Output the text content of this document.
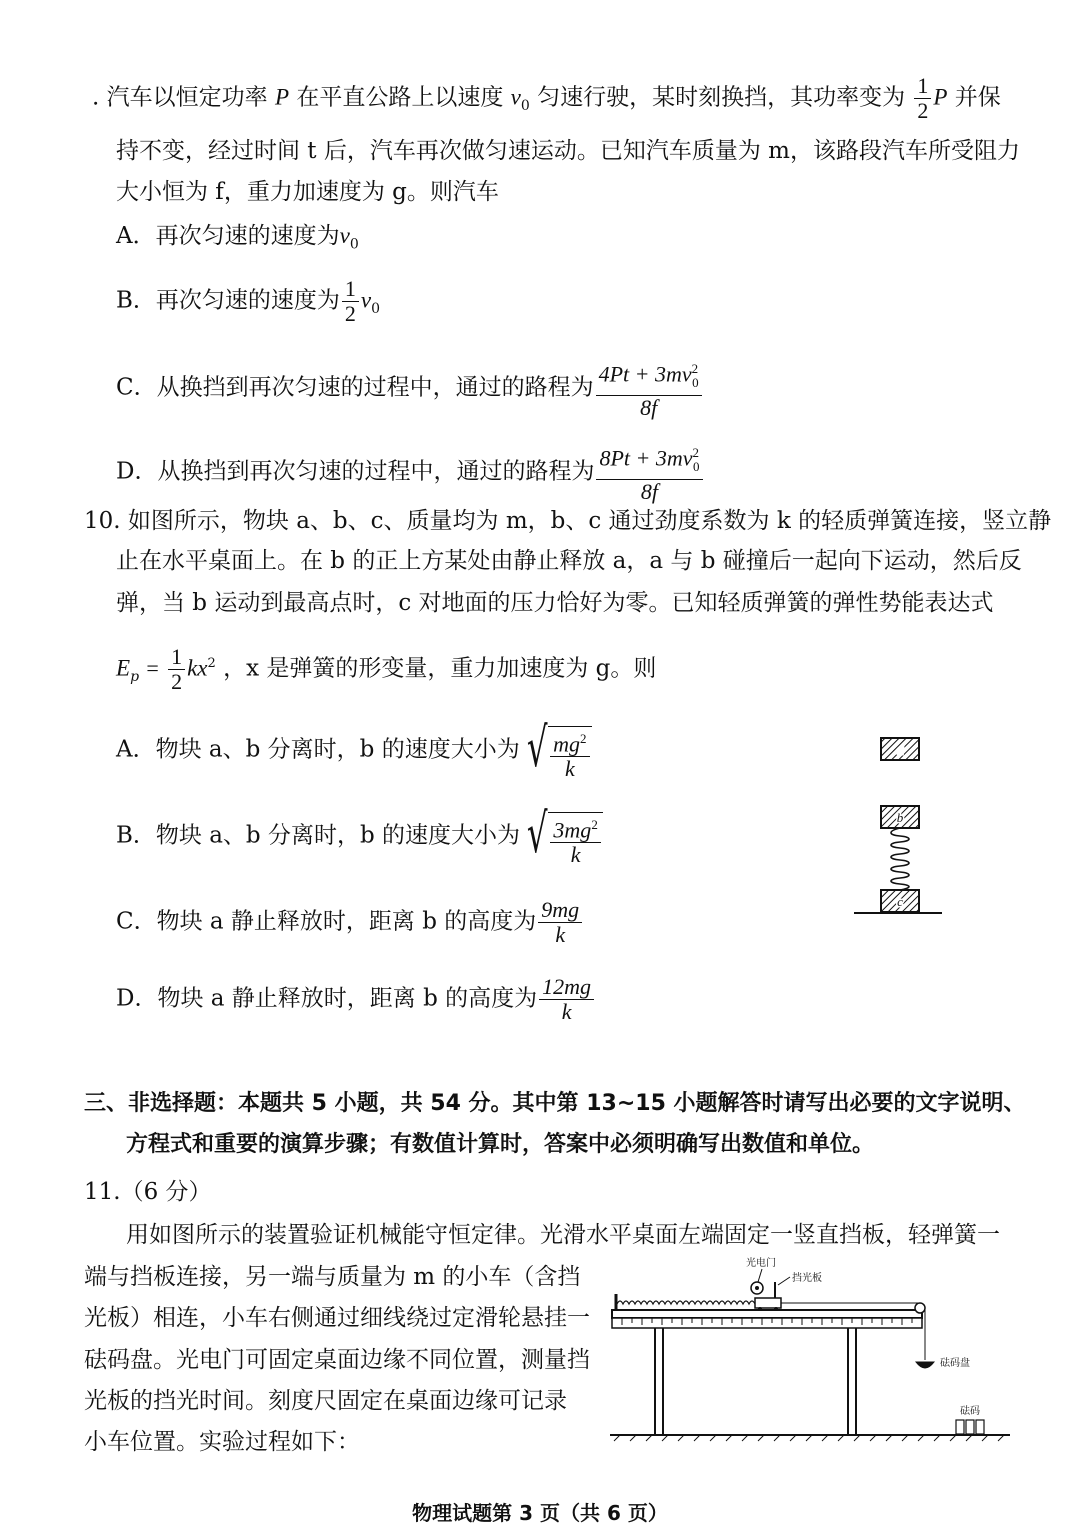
. 汽车以恒定功率 P 在平直公路上以速度 $v_0$ 匀速行驶，某时刻换挡，其功率变为 $\frac{1}{2}$ P 并保
持不变，经过时间 t 后，汽车再次做匀速运动。已知汽车质量为 m，该路段汽车所受阻力
大小恒为 f，重力加速度为 g。则汽车
A．再次匀速的速度为$v_0$
B．再次匀速的速度为 $\frac{1}{2} v_0$
C．从换挡到再次匀速的过程中，通过的路程为 $\frac{4Pt + 3mv^2_0}{8f}$
D．从换挡到再次匀速的过程中，通过的路程为 $\frac{8Pt + 3mv^2_0}{8f}$
10. 如图所示，物块 a、b、c、质量均为 m，b、c 通过劲度系数为 k 的轻质弹簧连接，竖立静
止在水平桌面上。在 b 的正上方某处由静止释放 a，a 与 b 碰撞后一起向下运动，然后反
弹，当 b 运动到最高点时，c 对地面的压力恰好为零。已知轻质弹簧的弹性势能表达式
$E_p = \frac{1}{2} kx^2$ ，x 是弹簧的形变量，重力加速度为 g。则
A．物块 a、b 分离时，b 的速度大小为 √ $\frac{mg^2}{k}$
B．物块 a、b 分离时，b 的速度大小为 √ $\frac{3mg^2}{k}$
C．物块 a 静止释放时，距离 b 的高度为 $\frac{9mg}{k}$
D．物块 a 静止释放时，距离 b 的高度为 $\frac{12mg}{k}$
a
b
c
三、非选择题：本题共 5 小题，共 54 分。其中第 13~15 小题解答时请写出必要的文字说明、
方程式和重要的演算步骤；有数值计算时，答案中必须明确写出数值和单位。
11.（6 分）
用如图所示的装置验证机械能守恒定律。光滑水平桌面左端固定一竖直挡板，轻弹簧一
端与挡板连接，另一端与质量为 m 的小车（含挡
光板）相连，小车右侧通过细线绕过定滑轮悬挂一
砝码盘。光电门可固定桌面边缘不同位置，测量挡
光板的挡光时间。刻度尺固定在桌面边缘可记录
小车位置。实验过程如下：
光电门
挡光板
砝码盘
砝码
物理试题第 3 页（共 6 页）
